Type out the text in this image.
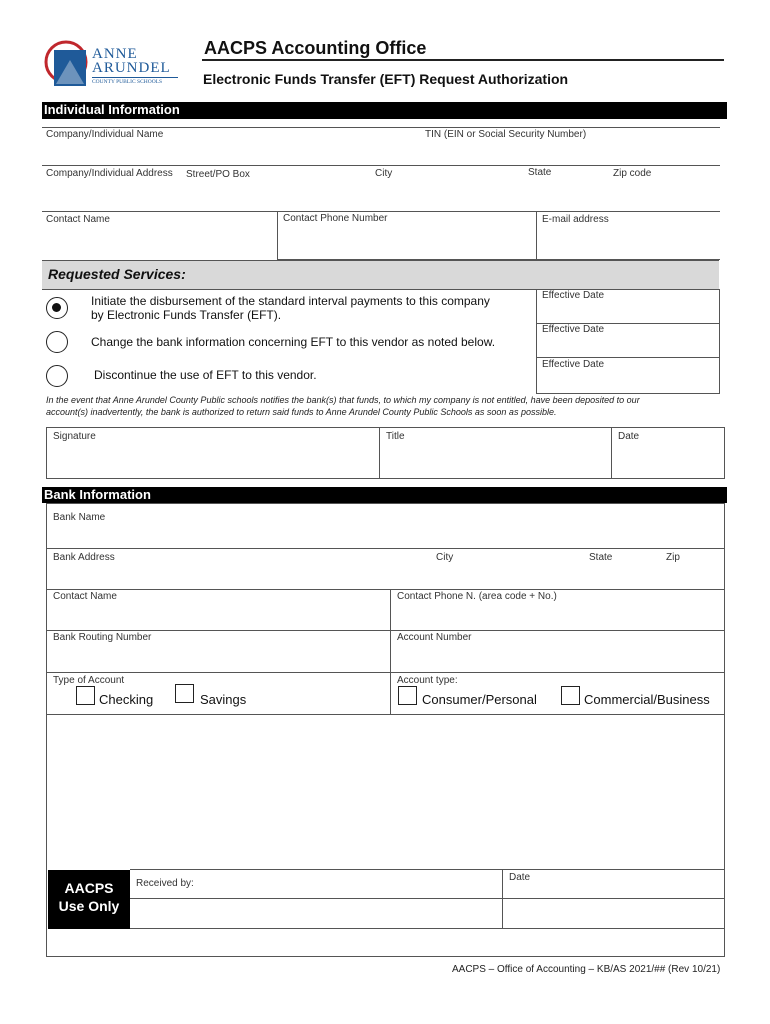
ANNE
ARUNDEL
COUNTY PUBLIC SCHOOLS
AACPS Accounting Office
Electronic Funds Transfer (EFT) Request Authorization
Individual Information
Company/Individual Name	TIN (EIN or Social Security Number)
Company/Individual Address Street/PO Box	City	State	Zip code
Contact Name	Contact Phone Number	E-mail address
Requested Services:
Initiate the disbursement of the standard interval payments to this company
by Electronic Funds Transfer (EFT).
Effective Date
Change the bank information concerning EFT to this vendor as noted below.
Effective Date
Discontinue the use of EFT to this vendor.
Effective Date
In the event that Anne Arundel County Public schools notifies the bank(s) that funds, to which my company is not entitled, have been deposited to our
account(s) inadvertently, the bank is authorized to return said funds to Anne Arundel County Public Schools as soon as possible.
Signature	Title	Date
Bank Information
Bank Name
Bank Address	City	State	Zip
Contact Name	Contact Phone N. (area code + No.)
Bank Routing Number	Account Number
Type of Account
Checking	Savings
Account type:
Consumer/Personal	Commercial/Business
AACPS
Use Only
Received by:
Date
AACPS – Office of Accounting – KB/AS 2021/## (Rev 10/21)
